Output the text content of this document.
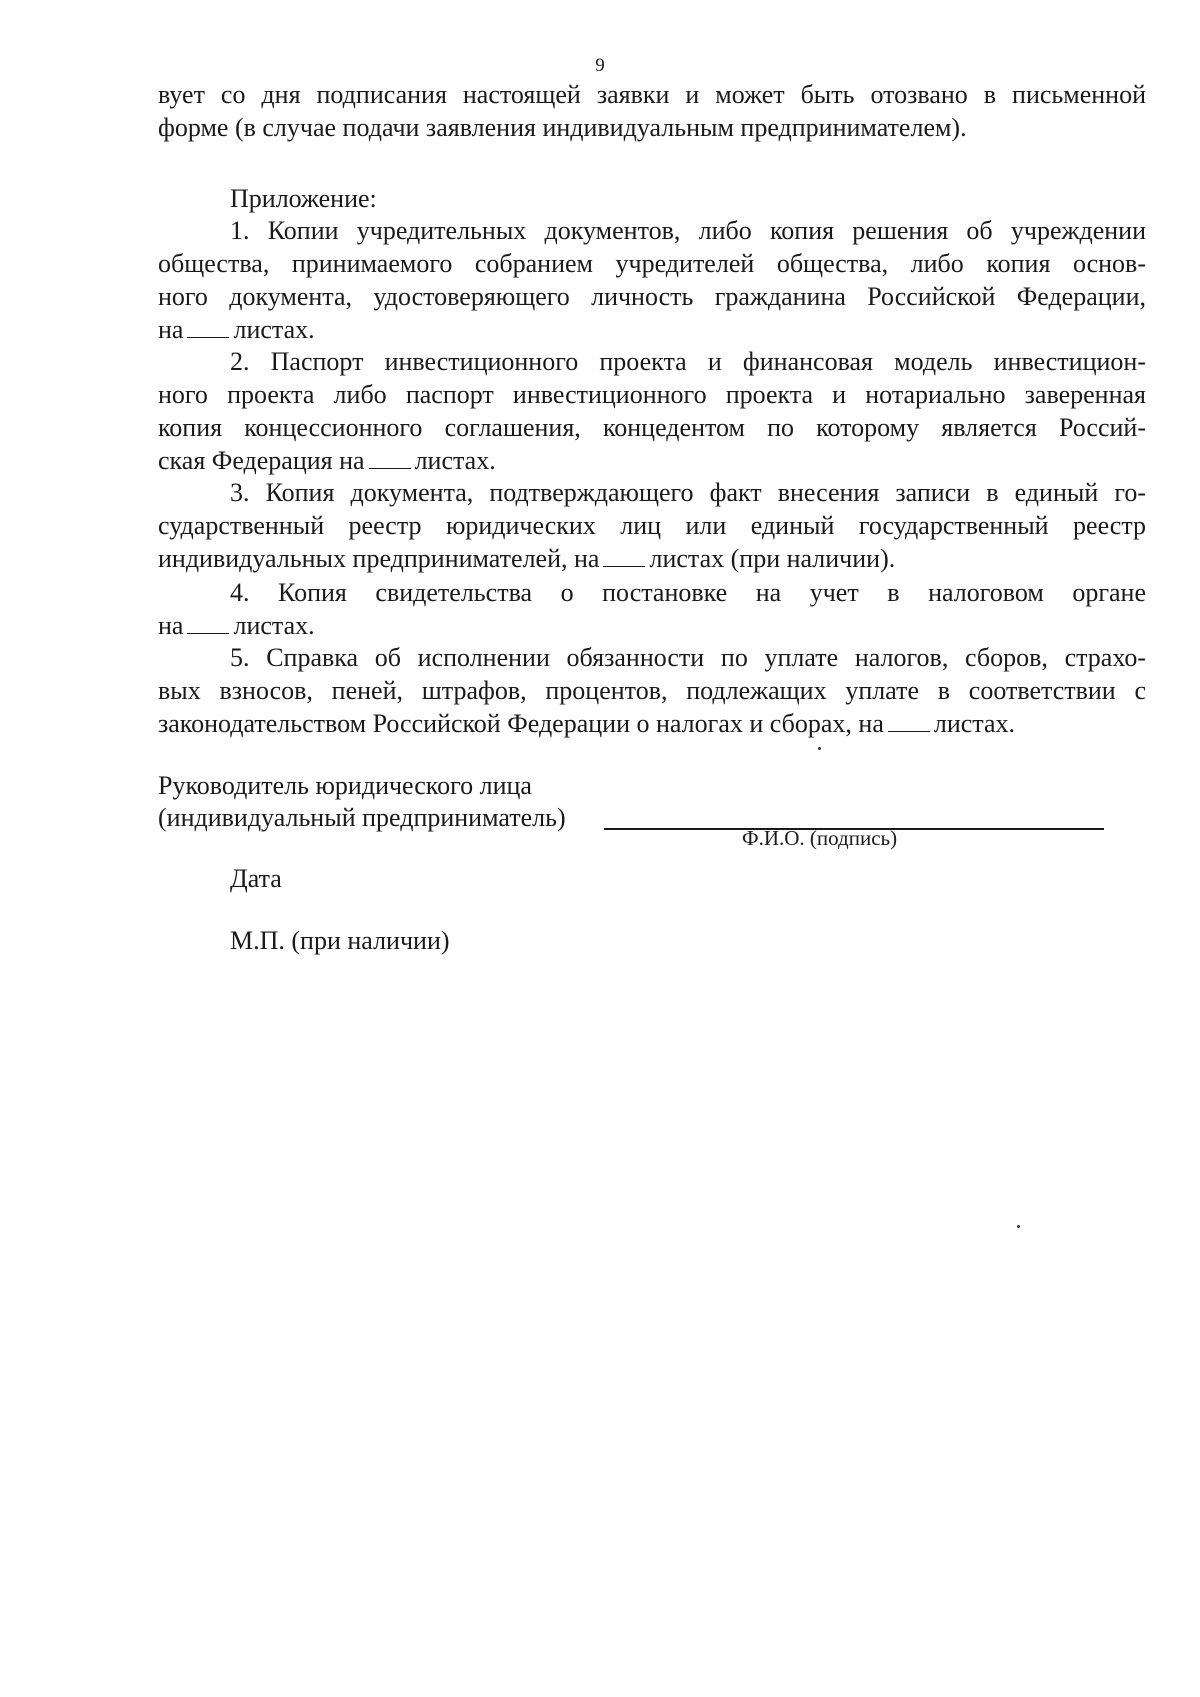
9
вует со дня подписания настоящей заявки и может быть отозвано в письменной
форме (в случае подачи заявления индивидуальным предпринимателем).
Приложение:
1. Копии учредительных документов, либо копия решения об учреждении
общества, принимаемого собранием учредителей общества, либо копия основ-
ного документа, удостоверяющего личность гражданина Российской Федерации,
на листах.
2. Паспорт инвестиционного проекта и финансовая модель инвестицион-
ного проекта либо паспорт инвестиционного проекта и нотариально заверенная
копия концессионного соглашения, концедентом по которому является Россий-
ская Федерация на листах.
3. Копия документа, подтверждающего факт внесения записи в единый го-
сударственный реестр юридических лиц или единый государственный реестр
индивидуальных предпринимателей, на листах (при наличии).
4. Копия свидетельства о постановке на учет в налоговом органе
на листах.
5. Справка об исполнении обязанности по уплате налогов, сборов, страхо-
вых взносов, пеней, штрафов, процентов, подлежащих уплате в соответствии с
законодательством Российской Федерации о налогах и сборах, на листах.
Руководитель юридического лица
(индивидуальный предприниматель)
Ф.И.О. (подпись)
Дата
М.П. (при наличии)
